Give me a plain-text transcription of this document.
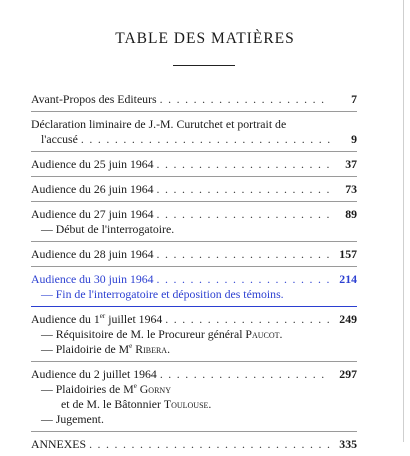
TABLE DES MATIÈRES
Avant-Propos des Editeurs . . .	7
Déclaration liminaire de J.-M. Curutchet et portrait de
l'accusé . . .	9
Audience du 25 juin 1964 . . .	37
Audience du 26 juin 1964 . . .	73
Audience du 27 juin 1964 . . .	89
— Début de l'interrogatoire.
Audience du 28 juin 1964 . . .	157
Audience du 30 juin 1964 . . .	214
— Fin de l'interrogatoire et déposition des témoins.
Audience du 1er juillet 1964 . . .	249
— Réquisitoire de M. le Procureur général Paucot.
— Plaidoirie de Me Ribera.
Audience du 2 juillet 1964 . . .	297
— Plaidoiries de Me Gorny
et de M. le Bâtonnier Toulouse.
— Jugement.
ANNEXES . . .	335
